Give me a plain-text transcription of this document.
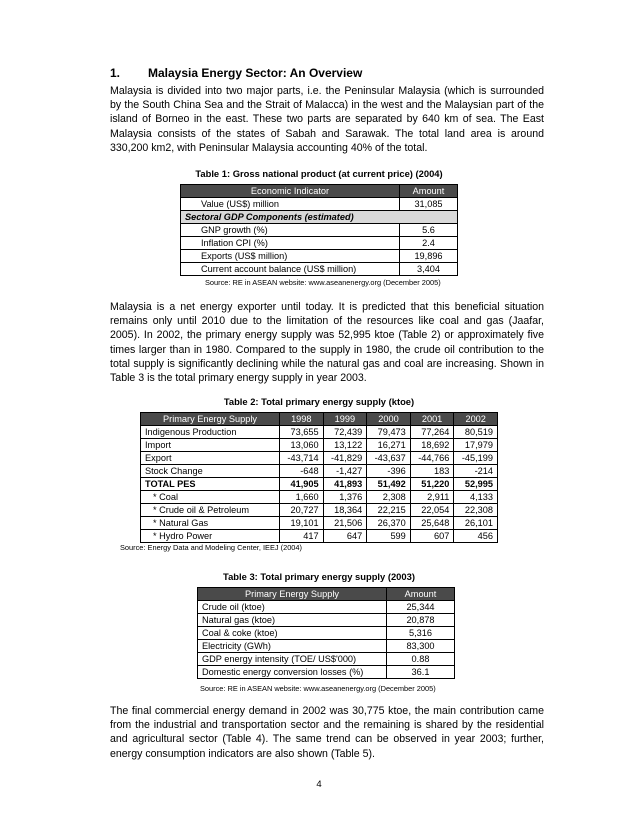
1. Malaysia Energy Sector: An Overview

Malaysia is divided into two major parts, i.e. the Peninsular Malaysia (which is surrounded by the South China Sea and the Strait of Malacca) in the west and the Malaysian part of the island of Borneo in the east. These two parts are separated by 640 km of sea. The East Malaysia consists of the states of Sabah and Sarawak. The total land area is around 330,200 km2, with Peninsular Malaysia accounting 40% of the total.

Table 1: Gross national product (at current price) (2004)
Economic Indicator	Amount
Value (US$) million	31,085
Sectoral GDP Components (estimated)	
GNP growth (%)	5.6
Inflation CPI (%)	2.4
Exports (US$ million)	19,896
Current account balance (US$ million)	3,404
Source: RE in ASEAN website: www.aseanenergy.org (December 2005)

Malaysia is a net energy exporter until today. It is predicted that this beneficial situation remains only until 2010 due to the limitation of the resources like coal and gas (Jaafar, 2005). In 2002, the primary energy supply was 52,995 ktoe (Table 2) or approximately five times larger than in 1980. Compared to the supply in 1980, the crude oil contribution to the total supply is significantly declining while the natural gas and coal are increasing. Shown in Table 3 is the total primary energy supply in year 2003.

Table 2: Total primary energy supply (ktoe)
Primary Energy Supply	1998	1999	2000	2001	2002
Indigenous Production	73,655	72,439	79,473	77,264	80,519
Import	13,060	13,122	16,271	18,692	17,979
Export	-43,714	-41,829	-43,637	-44,766	-45,199
Stock Change	-648	-1,427	-396	183	-214
TOTAL PES	41,905	41,893	51,492	51,220	52,995
* Coal	1,660	1,376	2,308	2,911	4,133
* Crude oil & Petroleum	20,727	18,364	22,215	22,054	22,308
* Natural Gas	19,101	21,506	26,370	25,648	26,101
* Hydro Power	417	647	599	607	456
Source: Energy Data and Modeling Center, IEEJ (2004)
Table 3: Total primary energy supply (2003)
Primary Energy Supply	Amount
Crude oil (ktoe)	25,344
Natural gas (ktoe)	20,878
Coal & coke (ktoe)	5,316
Electricity (GWh)	83,300
GDP energy intensity (TOE/ US$'000)	0.88
Domestic energy conversion losses (%)	36.1
Source: RE in ASEAN website: www.aseanenergy.org (December 2005)

The final commercial energy demand in 2002 was 30,775 ktoe, the main contribution came from the industrial and transportation sector and the remaining is shared by the residential and agricultural sector (Table 4). The same trend can be observed in year 2003; further, energy consumption indicators are also shown (Table 5).

4
